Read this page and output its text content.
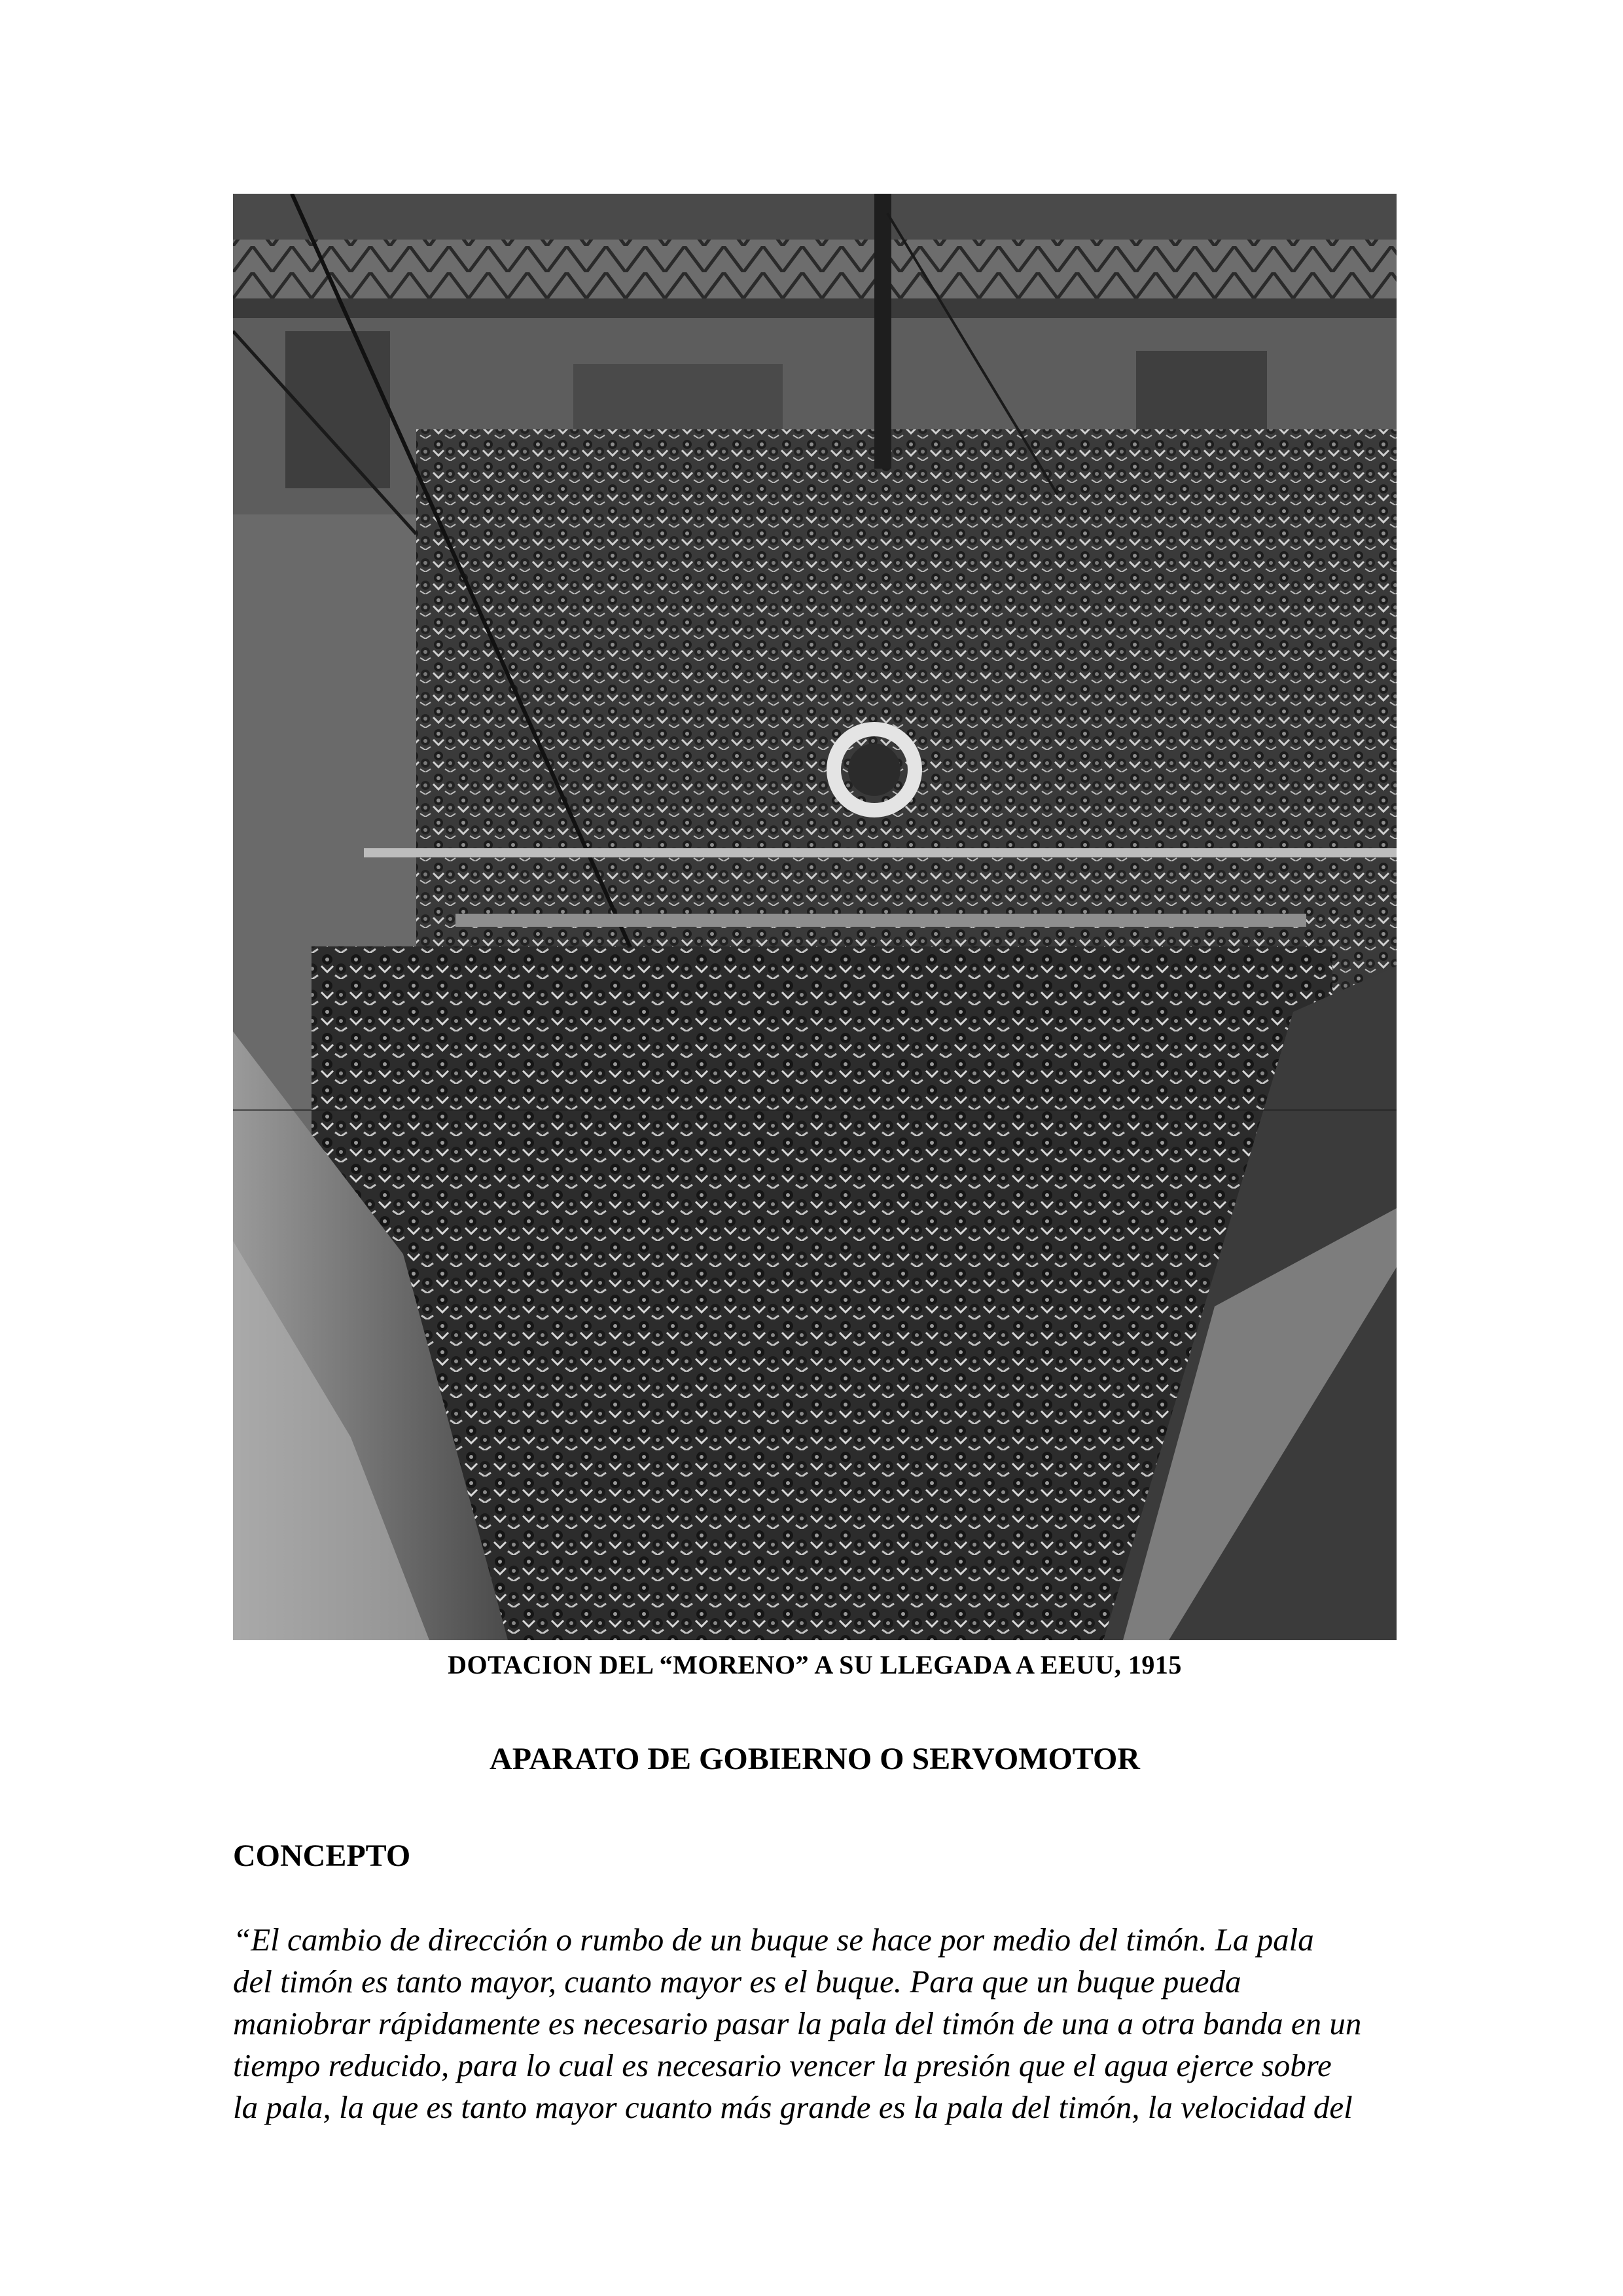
DOTACION DEL “MORENO” A SU LLEGADA A EEUU, 1915
APARATO DE GOBIERNO O SERVOMOTOR
CONCEPTO
“El cambio de dirección o rumbo de un buque se hace por medio del timón. La pala
del timón es tanto mayor, cuanto mayor es el buque. Para que un buque pueda
maniobrar rápidamente es necesario pasar la pala del timón de una a otra banda en un
tiempo reducido, para lo cual es necesario vencer la presión que el agua ejerce sobre
la pala, la que es tanto mayor cuanto más grande es la pala del timón, la velocidad del
